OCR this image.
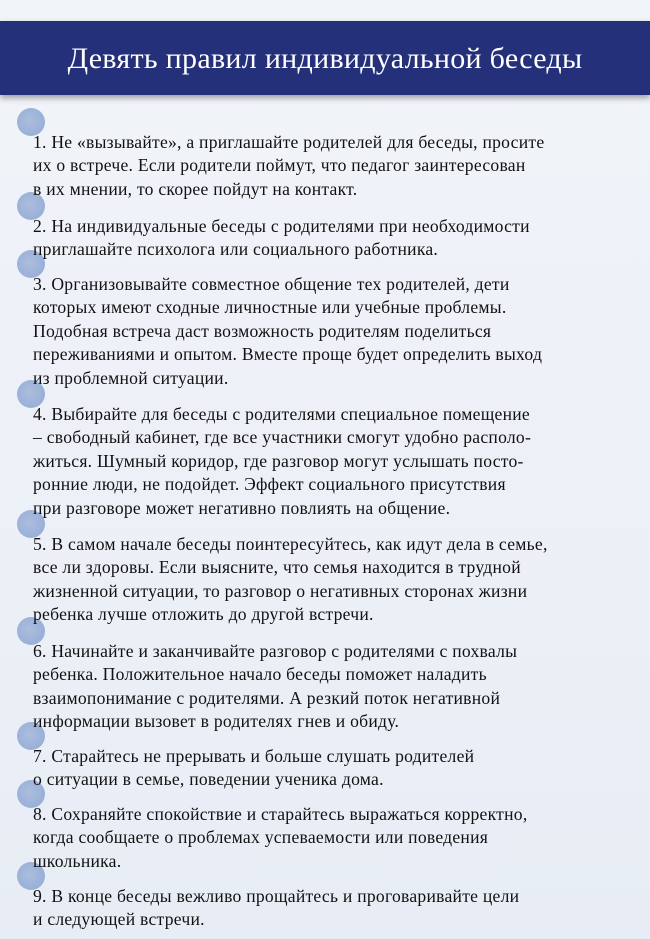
Девять правил индивидуальной беседы

1. Не «вызывайте», а приглашайте родителей для беседы, просите
их о встрече. Если родители поймут, что педагог заинтересован
в их мнении, то скорее пойдут на контакт.

2. На индивидуальные беседы с родителями при необходимости
приглашайте психолога или социального работника.

3. Организовывайте совместное общение тех родителей, дети
которых имеют сходные личностные или учебные проблемы.
Подобная встреча даст возможность родителям поделиться
переживаниями и опытом. Вместе проще будет определить выход
из проблемной ситуации.

4. Выбирайте для беседы с родителями специальное помещение
– свободный кабинет, где все участники смогут удобно располо-
житься. Шумный коридор, где разговор могут услышать посто-
ронние люди, не подойдет. Эффект социального присутствия
при разговоре может негативно повлиять на общение.

5. В самом начале беседы поинтересуйтесь, как идут дела в семье,
все ли здоровы. Если выясните, что семья находится в трудной
жизненной ситуации, то разговор о негативных сторонах жизни
ребенка лучше отложить до другой встречи.

6. Начинайте и заканчивайте разговор с родителями с похвалы
ребенка. Положительное начало беседы поможет наладить
взаимопонимание с родителями. А резкий поток негативной
информации вызовет в родителях гнев и обиду.

7. Старайтесь не прерывать и больше слушать родителей
о ситуации в семье, поведении ученика дома.

8. Сохраняйте спокойствие и старайтесь выражаться корректно,
когда сообщаете о проблемах успеваемости или поведения
школьника.

9. В конце беседы вежливо прощайтесь и проговаривайте цели
и следующей встречи.
